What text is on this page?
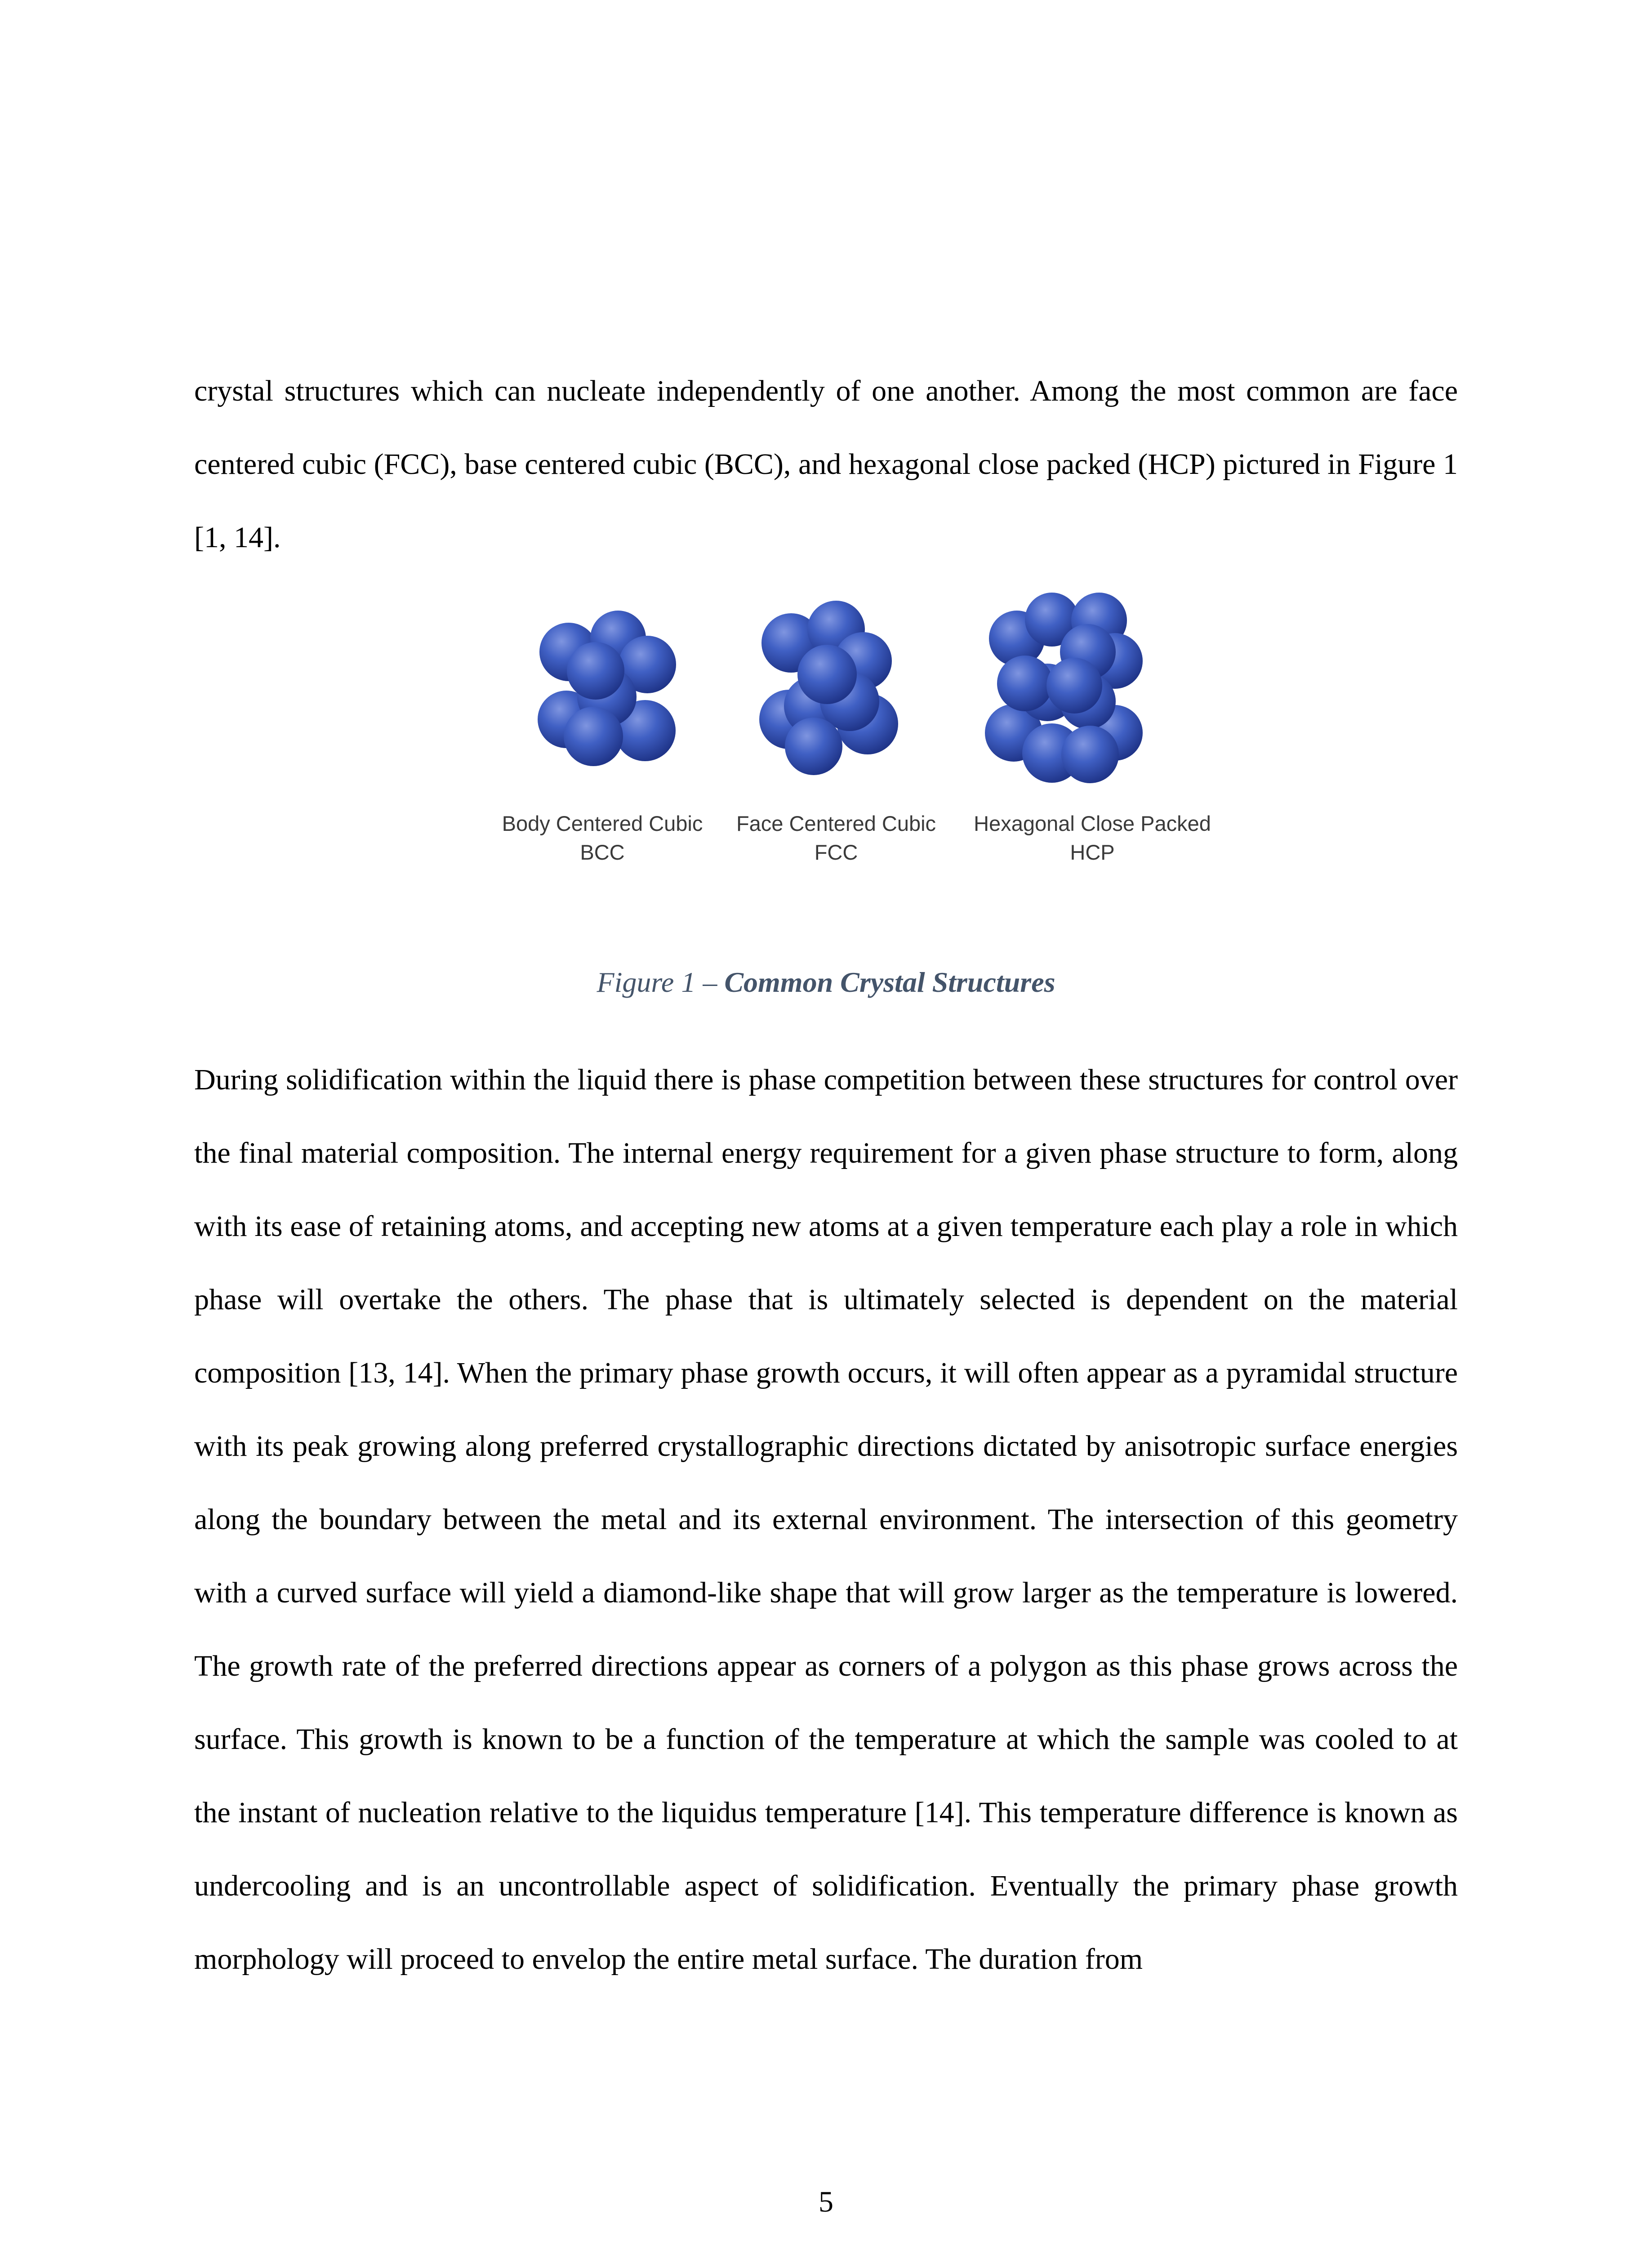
crystal structures which can nucleate independently of one another. Among the most common are face centered cubic (FCC), base centered cubic (BCC), and hexagonal close packed (HCP) pictured in Figure 1 [1, 14].

Body Centered Cubic
BCC
Face Centered Cubic
FCC
Hexagonal Close Packed
HCP
Figure 1 – Common Crystal Structures

During solidification within the liquid there is phase competition between these structures for control over the final material composition. The internal energy requirement for a given phase structure to form, along with its ease of retaining atoms, and accepting new atoms at a given temperature each play a role in which phase will overtake the others. The phase that is ultimately selected is dependent on the material composition [13, 14]. When the primary phase growth occurs, it will often appear as a pyramidal structure with its peak growing along preferred crystallographic directions dictated by anisotropic surface energies along the boundary between the metal and its external environment. The intersection of this geometry with a curved surface will yield a diamond-like shape that will grow larger as the temperature is lowered. The growth rate of the preferred directions appear as corners of a polygon as this phase grows across the surface. This growth is known to be a function of the temperature at which the sample was cooled to at the instant of nucleation relative to the liquidus temperature [14]. This temperature difference is known as undercooling and is an uncontrollable aspect of solidification. Eventually the primary phase growth morphology will proceed to envelop the entire metal surface. The duration from

5
